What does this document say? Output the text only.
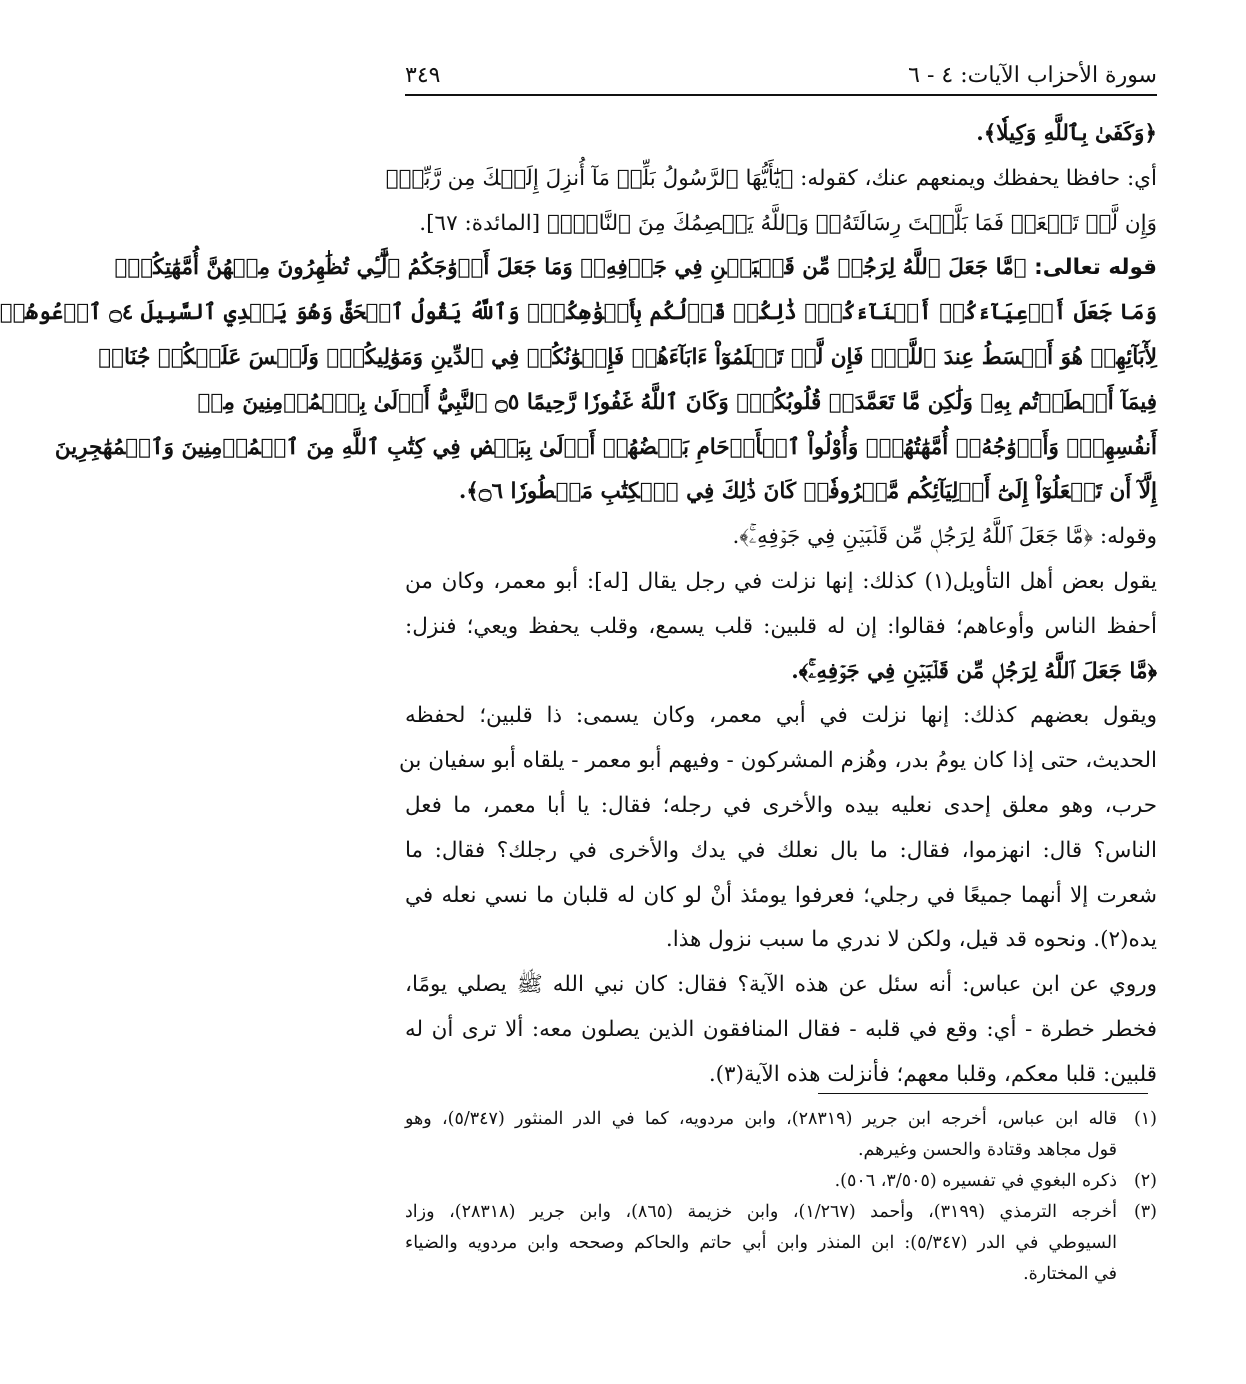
سورة الأحزاب الآيات: ٤ - ٦
٣٤٩
﴿وَكَفَىٰ بِٱللَّهِ وَكِيلٗا﴾.
أي: حافظا يحفظك ويمنعهم عنك، كقوله: ﴿يَٰٓأَيُّهَا ٱلرَّسُولُ بَلِّغۡ مَآ أُنزِلَ إِلَيۡكَ مِن رَّبِّكَۖ
وَإِن لَّمۡ تَفۡعَلۡ فَمَا بَلَّغۡتَ رِسَالَتَهُۥۚ وَٱللَّهُ يَعۡصِمُكَ مِنَ ٱلنَّاسِۗ﴾ [المائدة: ٦٧].
قوله تعالى: ﴿مَّا جَعَلَ ٱللَّهُ لِرَجُلٖ مِّن قَلۡبَيۡنِ فِي جَوۡفِهِۦۚ وَمَا جَعَلَ أَزۡوَٰجَكُمُ ٱلَّٰٓـِٔي تُظَٰهِرُونَ مِنۡهُنَّ أُمَّهَٰتِكُمۡۚ
وَمَا جَعَلَ أَدۡعِيَآءَكُمۡ أَبۡنَآءَكُمۡۚ ذَٰلِكُمۡ قَوۡلُكُم بِأَفۡوَٰهِكُمۡۖ وَٱللَّهُ يَقُولُ ٱلۡحَقَّ وَهُوَ يَهۡدِي ٱلسَّبِيلَ ۝٤ ٱدۡعُوهُمۡ
لِأٓبَآئِهِمۡ هُوَ أَقۡسَطُ عِندَ ٱللَّهِۚ فَإِن لَّمۡ تَعۡلَمُوٓاْ ءَابَآءَهُمۡ فَإِخۡوَٰنُكُمۡ فِي ٱلدِّينِ وَمَوَٰلِيكُمۡۚ وَلَيۡسَ عَلَيۡكُمۡ جُنَاحٞ
فِيمَآ أَخۡطَأۡتُم بِهِۦ وَلَٰكِن مَّا تَعَمَّدَتۡ قُلُوبُكُمۡۚ وَكَانَ ٱللَّهُ غَفُورٗا رَّحِيمًا ۝٥ ٱلنَّبِيُّ أَوۡلَىٰ بِٱلۡمُؤۡمِنِينَ مِنۡ
أَنفُسِهِمۡۖ وَأَزۡوَٰجُهُۥٓ أُمَّهَٰتُهُمۡۗ وَأُوْلُواْ ٱلۡأَرۡحَامِ بَعۡضُهُمۡ أَوۡلَىٰ بِبَعۡضٖ فِي كِتَٰبِ ٱللَّهِ مِنَ ٱلۡمُؤۡمِنِينَ وَٱلۡمُهَٰجِرِينَ
إِلَّآ أَن تَفۡعَلُوٓاْ إِلَىٰٓ أَوۡلِيَآئِكُم مَّعۡرُوفٗاۚ كَانَ ذَٰلِكَ فِي ٱلۡكِتَٰبِ مَسۡطُورٗا ۝٦﴾.
وقوله: ﴿مَّا جَعَلَ ٱللَّهُ لِرَجُلٖ مِّن قَلۡبَيۡنِ فِي جَوۡفِهِۦۚ﴾.
يقول بعض أهل التأويل(١) كذلك: إنها نزلت في رجل يقال [له]: أبو معمر، وكان من
أحفظ الناس وأوعاهم؛ فقالوا: إن له قلبين: قلب يسمع، وقلب يحفظ ويعي؛ فنزل:
﴿مَّا جَعَلَ ٱللَّهُ لِرَجُلٖ مِّن قَلۡبَيۡنِ فِي جَوۡفِهِۦۚ﴾.
ويقول بعضهم كذلك: إنها نزلت في أبي معمر، وكان يسمى: ذا قلبين؛ لحفظه
الحديث، حتى إذا كان يومُ بدر، وهُزم المشركون - وفيهم أبو معمر - يلقاه أبو سفيان بن
حرب، وهو معلق إحدى نعليه بيده والأخرى في رجله؛ فقال: يا أبا معمر، ما فعل
الناس؟ قال: انهزموا، فقال: ما بال نعلك في يدك والأخرى في رجلك؟ فقال: ما
شعرت إلا أنهما جميعًا في رجلي؛ فعرفوا يومئذ أنْ لو كان له قلبان ما نسي نعله في
يده(٢). ونحوه قد قيل، ولكن لا ندري ما سبب نزول هذا.
وروي عن ابن عباس: أنه سئل عن هذه الآية؟ فقال: كان نبي الله ﷺ يصلي يومًا،
فخطر خطرة - أي: وقع في قلبه - فقال المنافقون الذين يصلون معه: ألا ترى أن له
قلبين: قلبا معكم، وقلبا معهم؛ فأنزلت هذه الآية(٣).
(١)
قاله ابن عباس، أخرجه ابن جرير (٢٨٣١٩)، وابن مردويه، كما في الدر المنثور (٥/٣٤٧)، وهو
قول مجاهد وقتادة والحسن وغيرهم.
(٢)
ذكره البغوي في تفسيره (٣/٥٠٥، ٥٠٦).
(٣)
أخرجه الترمذي (٣١٩٩)، وأحمد (١/٢٦٧)، وابن خزيمة (٨٦٥)، وابن جرير (٢٨٣١٨)، وزاد
السيوطي في الدر (٥/٣٤٧): ابن المنذر وابن أبي حاتم والحاكم وصححه وابن مردويه والضياء
في المختارة.
